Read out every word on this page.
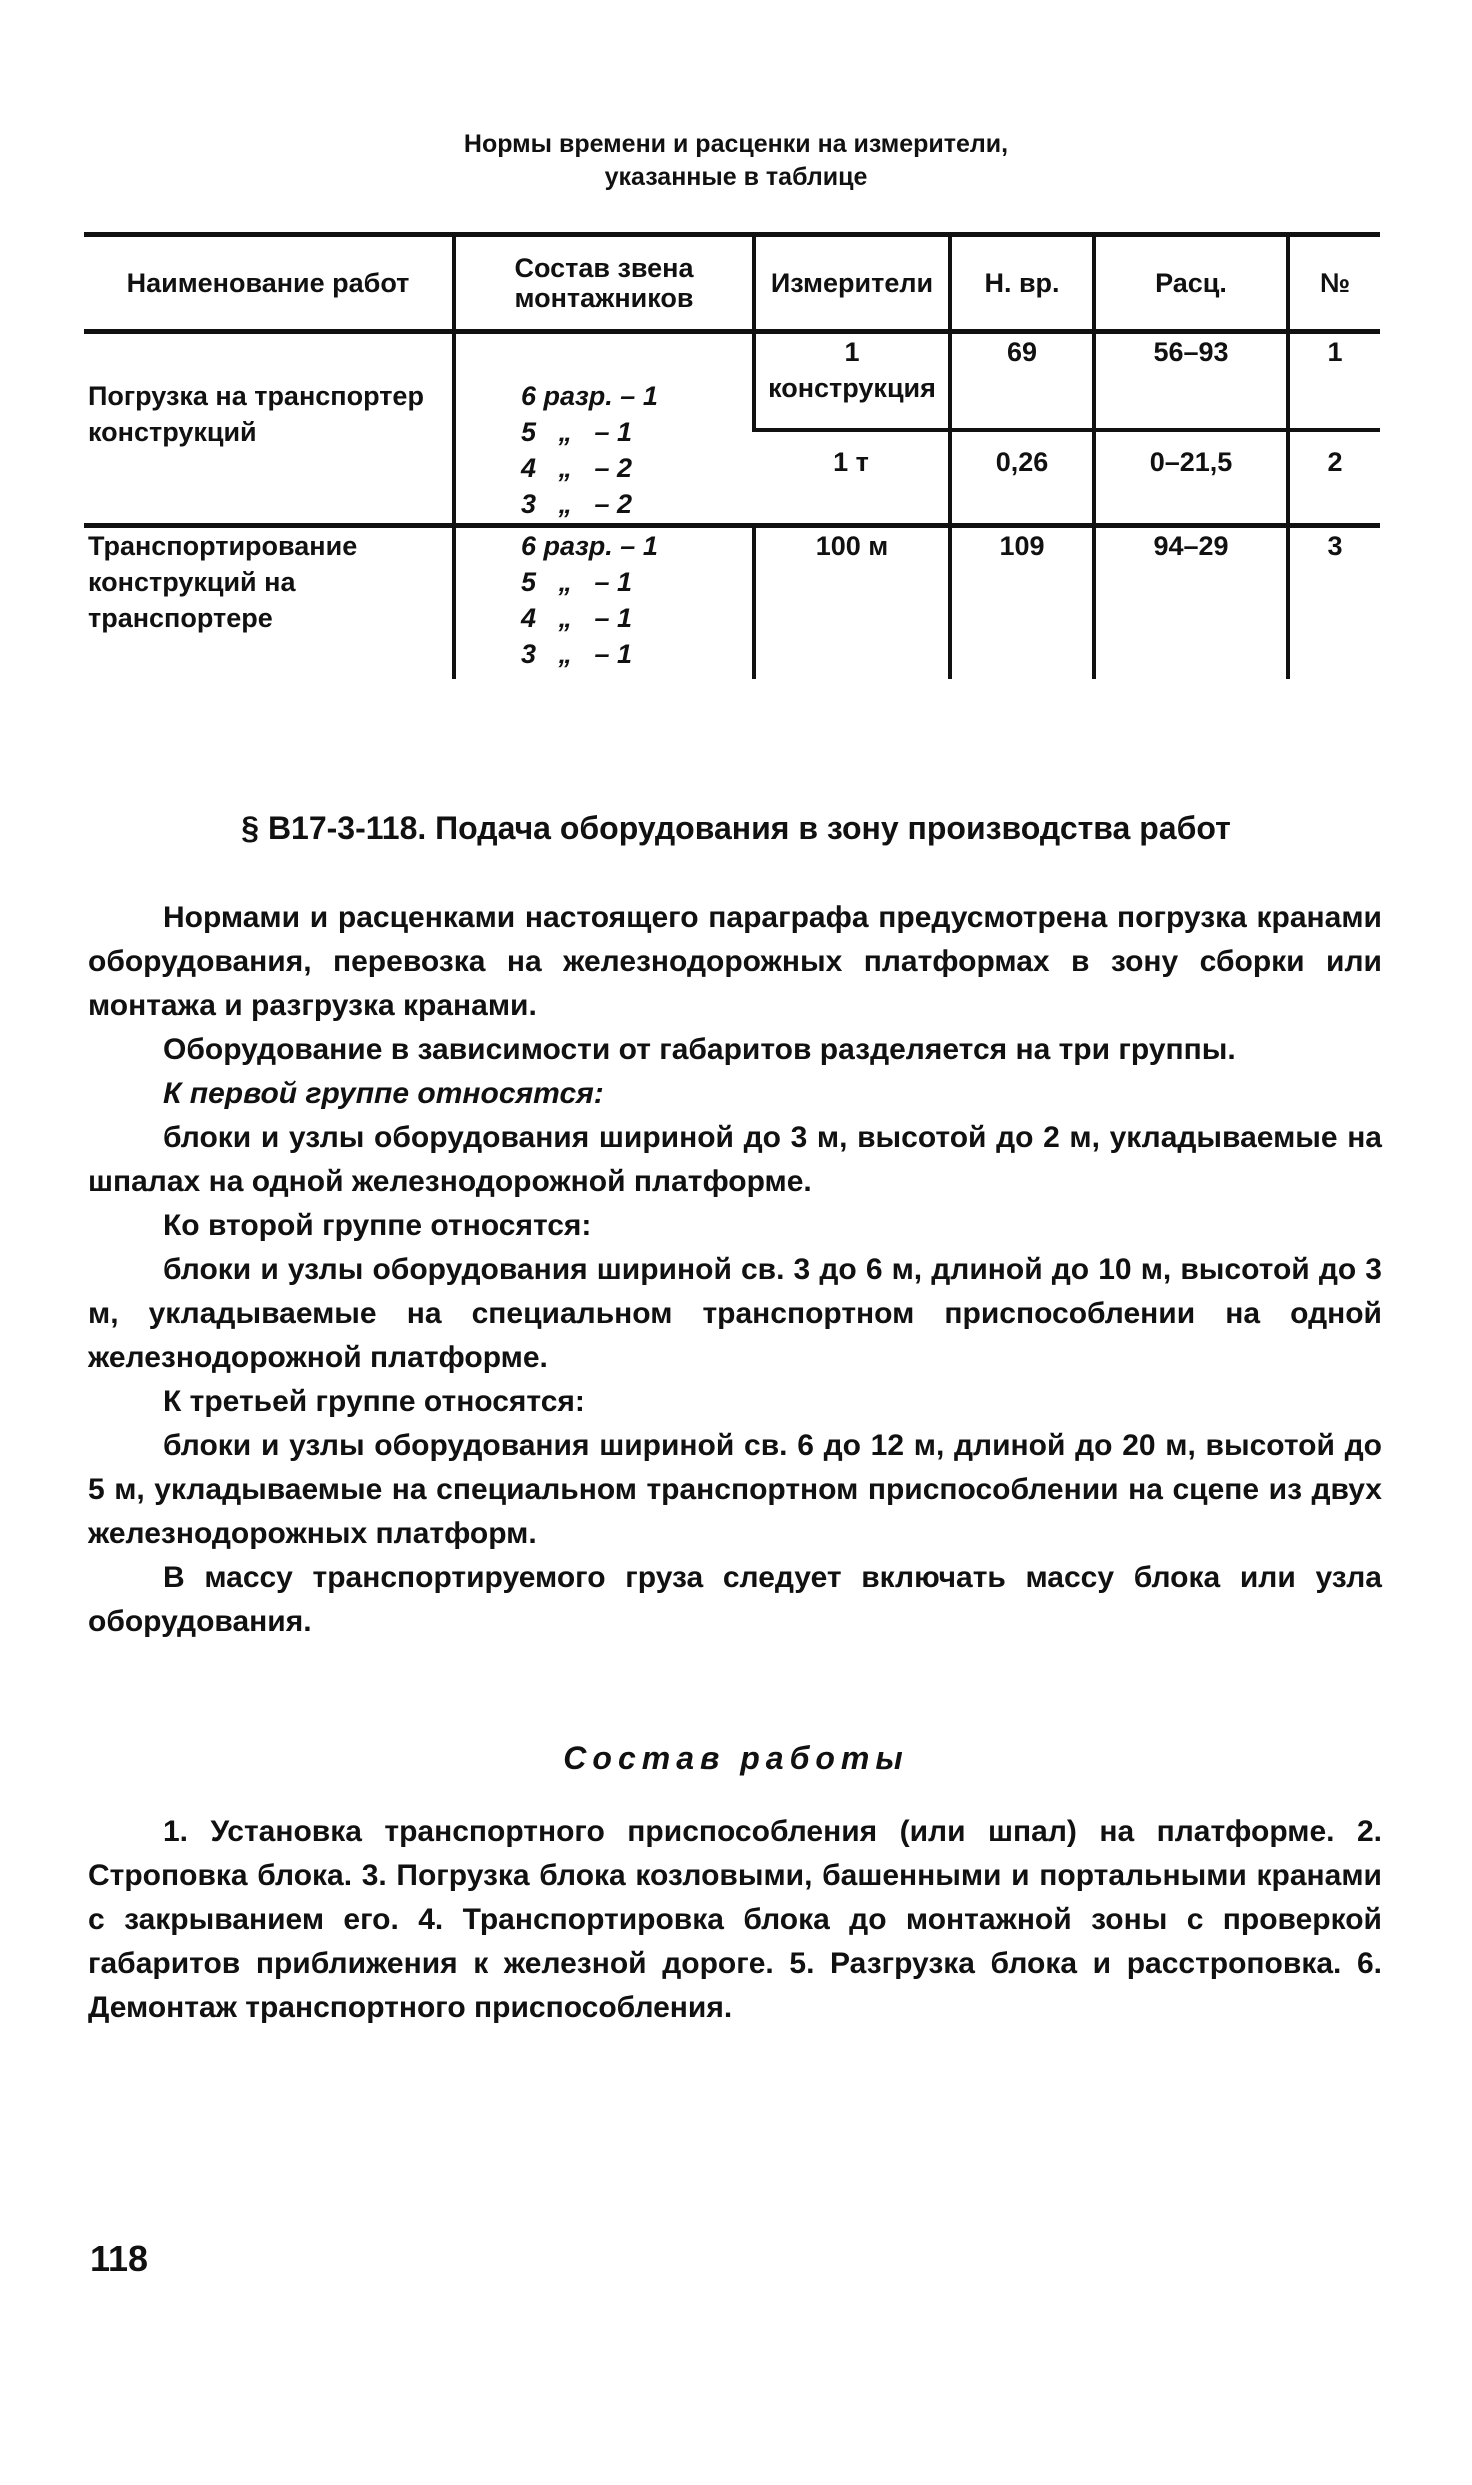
Нормы времени и расценки на измерители,
указанные в таблице
Наименование работ	Состав звена монтажников	Измерители	Н. вр.	Расц.	№
Погрузка на транспортер конструкций	6 разр. – 1
5   „   – 1
4   „   – 2
3   „   – 2	1 конструкция	69	56–93	1
		1 т	0,26	0–21,5	2
Транспортирование конструкций на транспортере	6 разр. – 1
5   „   – 1
4   „   – 1
3   „   – 1	100 м	109	94–29	3
§ В17-3-118. Подача оборудования в зону производства работ

Нормами и расценками настоящего параграфа предусмотрена погрузка кранами оборудования, перевозка на железнодорожных платформах в зону сборки или монтажа и разгрузка кранами.

Оборудование в зависимости от габаритов разделяется на три группы.

К первой группе относятся:

блоки и узлы оборудования шириной до 3 м, высотой до 2 м, укладываемые на шпалах на одной железнодорожной платформе.

Ко второй группе относятся:

блоки и узлы оборудования шириной св. 3 до 6 м, длиной до 10 м, высотой до 3 м, укладываемые на специальном транспортном приспособлении на одной железнодорожной платформе.

К третьей группе относятся:

блоки и узлы оборудования шириной св. 6 до 12 м, длиной до 20 м, высотой до 5 м, укладываемые на специальном транспортном приспособлении на сцепе из двух железнодорожных платформ.

В массу транспортируемого груза следует включать массу блока или узла оборудования.

Состав работы

1. Установка транспортного приспособления (или шпал) на платформе. 2. Строповка блока. 3. Погрузка блока козловыми, башенными и портальными кранами с закрыванием его. 4. Транспортировка блока до монтажной зоны с проверкой габаритов приближения к железной дороге. 5. Разгрузка блока и расстроповка. 6. Демонтаж транспортного приспособления.

118
